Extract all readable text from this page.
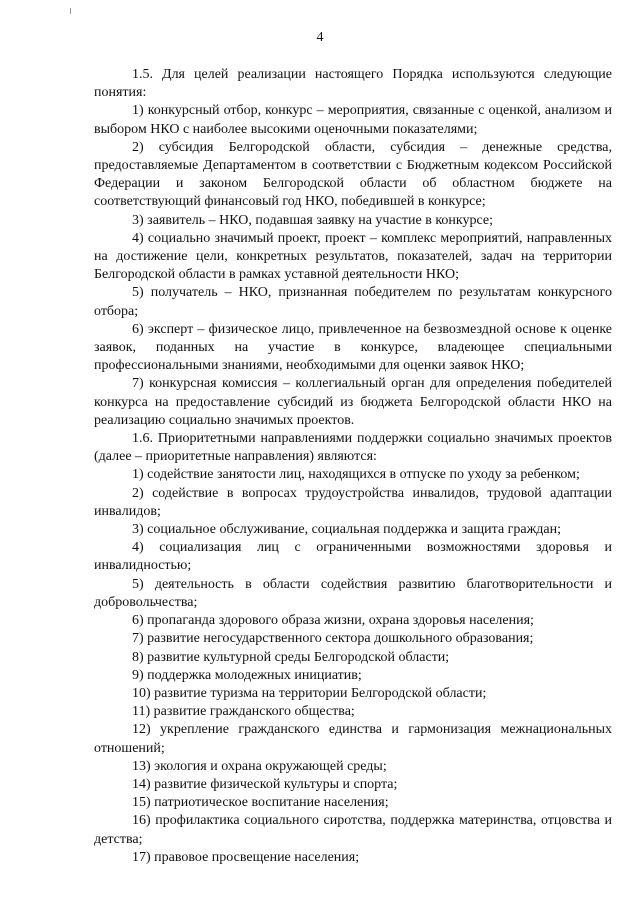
4

1.5. Для целей реализации настоящего Порядка используются следующие понятия:

1) конкурсный отбор, конкурс – мероприятия, связанные с оценкой, анализом и выбором НКО с наиболее высокими оценочными показателями;

2) субсидия Белгородской области, субсидия – денежные средства, предоставляемые Департаментом в соответствии с Бюджетным кодексом Российской Федерации и законом Белгородской области об областном бюджете на соответствующий финансовый год НКО, победившей в конкурсе;

3) заявитель – НКО, подавшая заявку на участие в конкурсе;

4) социально значимый проект, проект – комплекс мероприятий, направленных на достижение цели, конкретных результатов, показателей, задач на территории Белгородской области в рамках уставной деятельности НКО;

5) получатель – НКО, признанная победителем по результатам конкурсного отбора;

6) эксперт – физическое лицо, привлеченное на безвозмездной основе к оценке заявок, поданных на участие в конкурсе, владеющее специальными профессиональными знаниями, необходимыми для оценки заявок НКО;

7) конкурсная комиссия – коллегиальный орган для определения победителей конкурса на предоставление субсидий из бюджета Белгородской области НКО на реализацию социально значимых проектов.

1.6. Приоритетными направлениями поддержки социально значимых проектов (далее – приоритетные направления) являются:

1) содействие занятости лиц, находящихся в отпуске по уходу за ребенком;

2) содействие в вопросах трудоустройства инвалидов, трудовой адаптации инвалидов;

3) социальное обслуживание, социальная поддержка и защита граждан;

4) социализация лиц с ограниченными возможностями здоровья и инвалидностью;

5) деятельность в области содействия развитию благотворительности и добровольчества;

6) пропаганда здорового образа жизни, охрана здоровья населения;

7) развитие негосударственного сектора дошкольного образования;

8) развитие культурной среды Белгородской области;

9) поддержка молодежных инициатив;

10) развитие туризма на территории Белгородской области;

11) развитие гражданского общества;

12) укрепление гражданского единства и гармонизация межнациональных отношений;

13) экология и охрана окружающей среды;

14) развитие физической культуры и спорта;

15) патриотическое воспитание населения;

16) профилактика социального сиротства, поддержка материнства, отцовства и детства;

17) правовое просвещение населения;
